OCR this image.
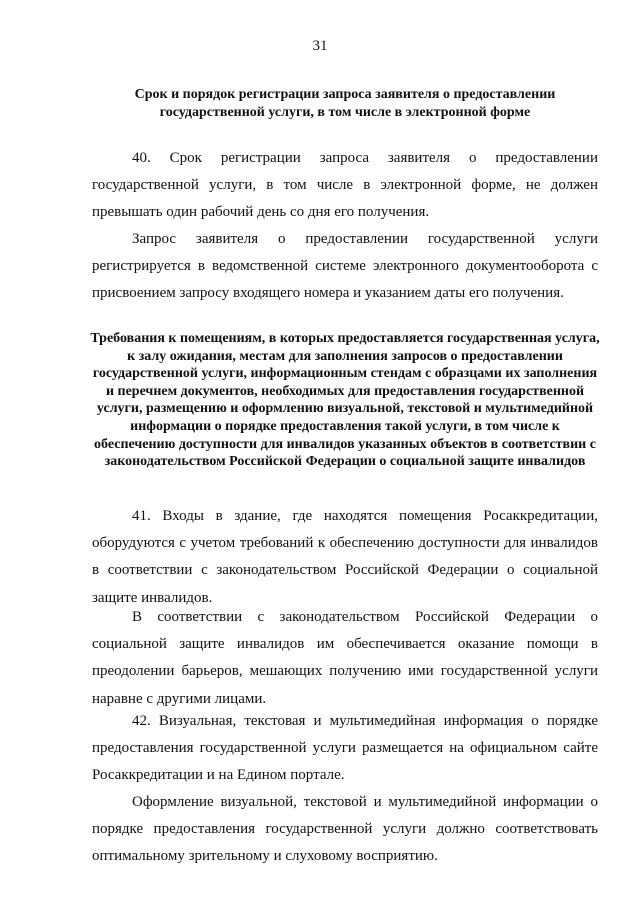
31
Срок и порядок регистрации запроса заявителя о предоставлении государственной услуги, в том числе в электронной форме
40. Срок регистрации запроса заявителя о предоставлении государственной услуги, в том числе в электронной форме, не должен превышать один рабочий день со дня его получения.
Запрос заявителя о предоставлении государственной услуги регистрируется в ведомственной системе электронного документооборота с присвоением запросу входящего номера и указанием даты его получения.
Требования к помещениям, в которых предоставляется государственная услуга, к залу ожидания, местам для заполнения запросов о предоставлении государственной услуги, информационным стендам с образцами их заполнения и перечнем документов, необходимых для предоставления государственной услуги, размещению и оформлению визуальной, текстовой и мультимедийной информации о порядке предоставления такой услуги, в том числе к обеспечению доступности для инвалидов указанных объектов в соответствии с законодательством Российской Федерации о социальной защите инвалидов
41. Входы в здание, где находятся помещения Росаккредитации, оборудуются с учетом требований к обеспечению доступности для инвалидов в соответствии с законодательством Российской Федерации о социальной защите инвалидов.
В соответствии с законодательством Российской Федерации о социальной защите инвалидов им обеспечивается оказание помощи в преодолении барьеров, мешающих получению ими государственной услуги наравне с другими лицами.
42. Визуальная, текстовая и мультимедийная информация о порядке предоставления государственной услуги размещается на официальном сайте Росаккредитации и на Едином портале.
Оформление визуальной, текстовой и мультимедийной информации о порядке предоставления государственной услуги должно соответствовать оптимальному зрительному и слуховому восприятию.
